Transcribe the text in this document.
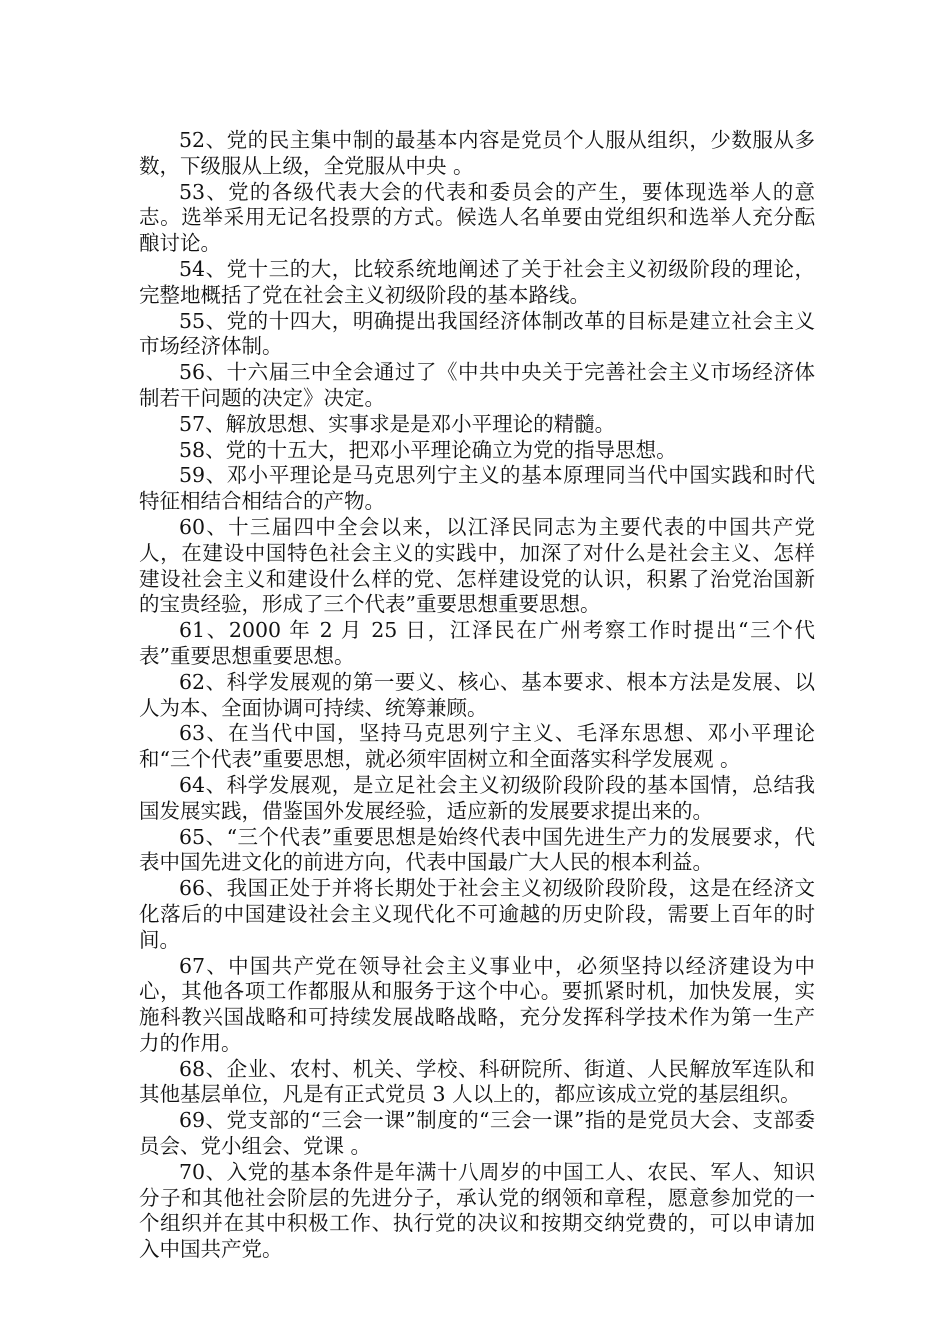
52、党的民主集中制的最基本内容是党员个人服从组织，少数服从多数，下级服从上级，全党服从中央 。

53、党的各级代表大会的代表和委员会的产生，要体现选举人的意志。选举采用无记名投票的方式。候选人名单要由党组织和选举人充分酝酿讨论。

54、党十三的大，比较系统地阐述了关于社会主义初级阶段的理论，完整地概括了党在社会主义初级阶段的基本路线。

55、党的十四大，明确提出我国经济体制改革的目标是建立社会主义市场经济体制。

56、十六届三中全会通过了《中共中央关于完善社会主义市场经济体制若干问题的决定》决定。

57、解放思想、实事求是是邓小平理论的精髓。

58、党的十五大，把邓小平理论确立为党的指导思想。

59、邓小平理论是马克思列宁主义的基本原理同当代中国实践和时代特征相结合相结合的产物。

60、十三届四中全会以来，以江泽民同志为主要代表的中国共产党人，在建设中国特色社会主义的实践中，加深了对什么是社会主义、怎样建设社会主义和建设什么样的党、怎样建设党的认识，积累了治党治国新的宝贵经验，形成了三个代表”重要思想重要思想。

61、2000 年 2 月 25 日，江泽民在广州考察工作时提出“三个代表”重要思想重要思想。

62、科学发展观的第一要义、核心、基本要求、根本方法是发展、以人为本、全面协调可持续、统筹兼顾。

63、在当代中国，坚持马克思列宁主义、毛泽东思想、邓小平理论和“三个代表”重要思想，就必须牢固树立和全面落实科学发展观 。

64、科学发展观，是立足社会主义初级阶段阶段的基本国情，总结我国发展实践，借鉴国外发展经验，适应新的发展要求提出来的。

65、“三个代表”重要思想是始终代表中国先进生产力的发展要求，代表中国先进文化的前进方向，代表中国最广大人民的根本利益。

66、我国正处于并将长期处于社会主义初级阶段阶段，这是在经济文化落后的中国建设社会主义现代化不可逾越的历史阶段，需要上百年的时间。

67、中国共产党在领导社会主义事业中，必须坚持以经济建设为中心，其他各项工作都服从和服务于这个中心。要抓紧时机，加快发展，实施科教兴国战略和可持续发展战略战略，充分发挥科学技术作为第一生产力的作用。

68、企业、农村、机关、学校、科研院所、街道、人民解放军连队和其他基层单位，凡是有正式党员 3 人以上的，都应该成立党的基层组织。

69、党支部的“三会一课”制度的“三会一课”指的是党员大会、支部委员会、党小组会、党课 。

70、入党的基本条件是年满十八周岁的中国工人、农民、军人、知识分子和其他社会阶层的先进分子，承认党的纲领和章程，愿意参加党的一个组织并在其中积极工作、执行党的决议和按期交纳党费的，可以申请加入中国共产党。
